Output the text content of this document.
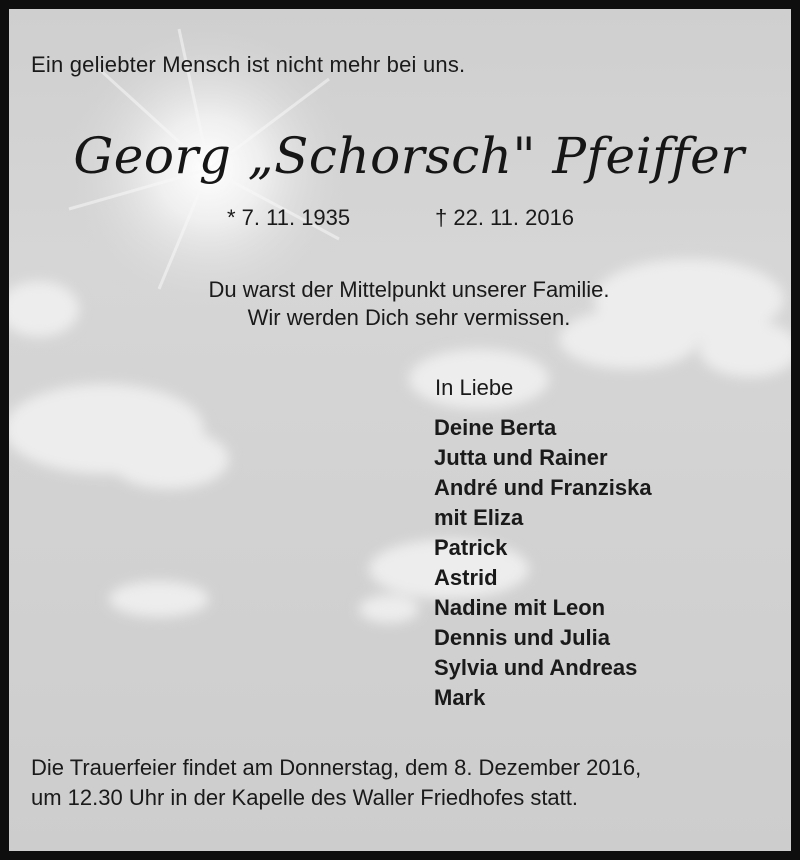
Ein geliebter Mensch ist nicht mehr bei uns.
Georg „Schorsch" Pfeiffer
* 7. 11. 1935	† 22. 11. 2016
Du warst der Mittelpunkt unserer Familie.
Wir werden Dich sehr vermissen.
In Liebe
Deine Berta
Jutta und Rainer
André und Franziska
mit Eliza
Patrick
Astrid
Nadine mit Leon
Dennis und Julia
Sylvia und Andreas
Mark
Die Trauerfeier findet am Donnerstag, dem 8. Dezember 2016,
um 12.30 Uhr in der Kapelle des Waller Friedhofes statt.
